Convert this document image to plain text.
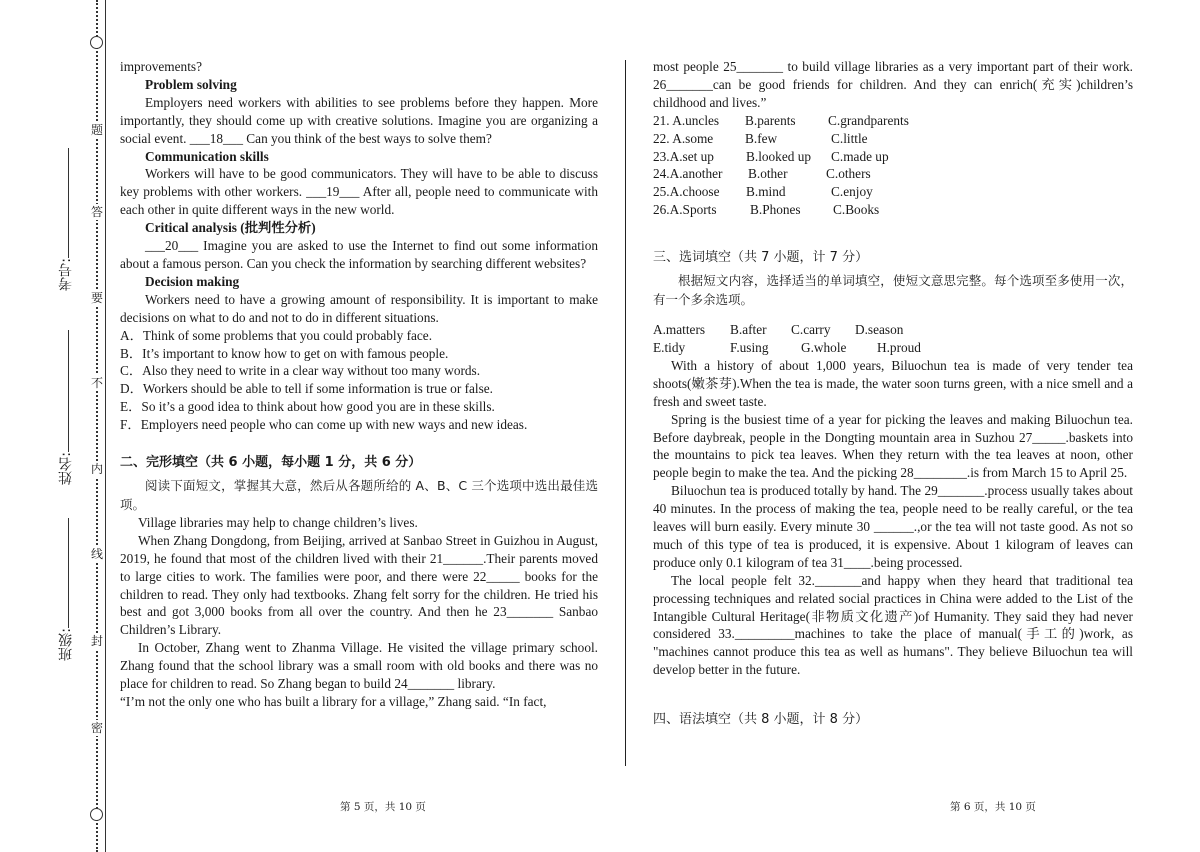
题
答
要
不
内
线
封
密
考号:
姓名:
班级:
improvements?
Problem solving
Employers need workers with abilities to see problems before they happen. More importantly, they should come up with creative solutions. Imagine you are organizing a social event. ___18___ Can you think of the best ways to solve them?
Communication skills
Workers will have to be good communicators. They will have to be able to discuss key problems with other workers. ___19___ After all, people need to communicate with each other in quite different ways in the new world.
Critical analysis (批判性分析)
___20___ Imagine you are asked to use the Internet to find out some information about a famous person. Can you check the information by searching different websites?
Decision making
Workers need to have a growing amount of responsibility. It is important to make decisions on what to do and not to do in different situations.
A．Think of some problems that you could probably face.
B．It’s important to know how to get on with famous people.
C．Also they need to write in a clear way without too many words.
D．Workers should be able to tell if some information is true or false.
E．So it’s a good idea to think about how good you are in these skills.
F．Employers need people who can come up with new ways and new ideas.
二、完形填空（共 6 小题，每小题 1 分，共 6 分）
阅读下面短文，掌握其大意，然后从各题所给的 A、B、C 三个选项中选出最佳选项。
Village libraries may help to change children’s lives.
When Zhang Dongdong, from Beijing, arrived at Sanbao Street in Guizhou in August, 2019, he found that most of the children lived with their 21______.Their parents moved to large cities to work. The families were poor, and there were 22_____ books for the children to read. They only had textbooks. Zhang felt sorry for the children. He tried his best and got 3,000 books from all over the country. And then he 23_______ Sanbao Children’s Library.
In October, Zhang went to Zhanma Village. He visited the village primary school. Zhang found that the school library was a small room with old books and there was no place for children to read. So Zhang began to build 24_______ library.
“I’m not the only one who has built a library for a village,” Zhang said. “In fact,
most people 25_______ to build village libraries as a very important part of their work. 26_______can be good friends for children. And they can enrich(充实)children’s childhood and lives.”
21. A.uncles	B.parents	C.grandparents
22. A.some	B.few	C.little
23.A.set up	B.looked up	C.made up
24.A.another	B.other	C.others
25.A.choose	B.mind	C.enjoy
26.A.Sports	B.Phones	C.Books
三、选词填空（共 7 小题，计 7 分）
根据短文内容，选择适当的单词填空，使短文意思完整。每个选项至多使用一次，有一个多余选项。
A.matters	B.after	C.carry	D.season
E.tidy	F.using	G.whole	H.proud
With a history of about 1,000 years, Biluochun tea is made of very tender tea shoots(嫩茶芽).When the tea is made, the water soon turns green, with a nice smell and a fresh and sweet taste.
Spring is the busiest time of a year for picking the leaves and making Biluochun tea. Before daybreak, people in the Dongting mountain area in Suzhou 27_____.baskets into the mountains to pick tea leaves. When they return with the tea leaves at noon, other people begin to make the tea. And the picking 28________.is from March 15 to April 25.
Biluochun tea is produced totally by hand. The 29_______.process usually takes about 40 minutes. In the process of making the tea, people need to be really careful, or the tea leaves will burn easily. Every minute 30 ______.,or the tea will not taste good. As not so much of this type of tea is produced, it is expensive. About 1 kilogram of leaves can produce only 0.1 kilogram of tea 31____.being processed.
The local people felt 32._______and happy when they heard that traditional tea processing techniques and related social practices in China were added to the List of the Intangible Cultural Heritage(非物质文化遗产)of Humanity. They said they had never considered 33._________machines to take the place of manual(手工的)work, as "machines cannot produce this tea as well as humans". They believe Biluochun tea will develop better in the future.
四、语法填空（共 8 小题，计 8 分）
第 5 页，共 10 页	第 6 页，共 10 页
